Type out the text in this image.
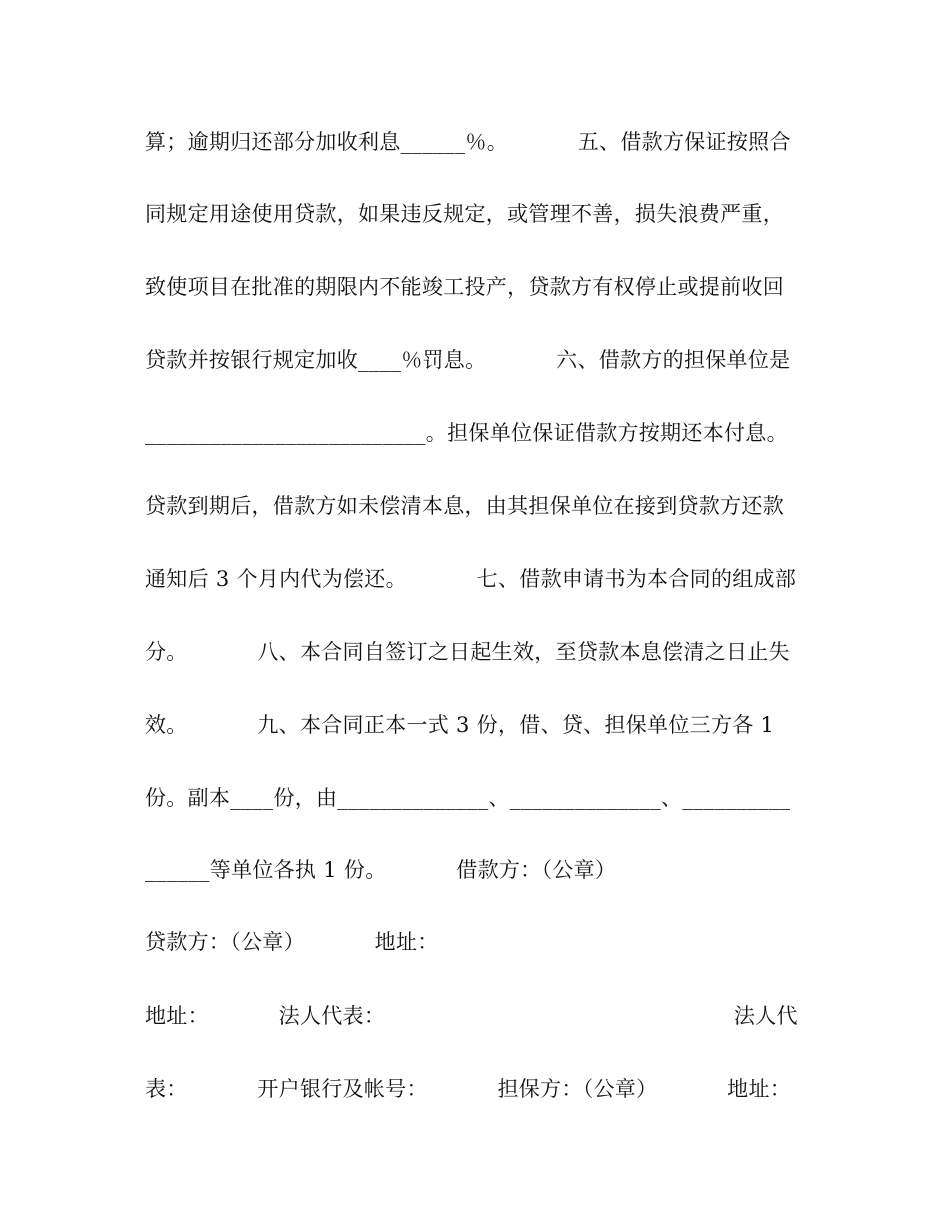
算；逾期归还部分加收利息______％。          五、借款方保证按照合
同规定用途使用贷款，如果违反规定，或管理不善，损失浪费严重，
致使项目在批准的期限内不能竣工投产，贷款方有权停止或提前收回
贷款并按银行规定加收____％罚息。          六、借款方的担保单位是
__________________________。担保单位保证借款方按期还本付息。
贷款到期后，借款方如未偿清本息，由其担保单位在接到贷款方还款
通知后 3 个月内代为偿还。          七、借款申请书为本合同的组成部
分。          八、本合同自签订之日起生效，至贷款本息偿清之日止失
效。          九、本合同正本一式 3 份，借、贷、担保单位三方各 1
份。副本____份，由______________、______________、__________
______等单位各执 1 份。          借款方：（公章）
贷款方：（公章）          地址：
地址：          法人代表：                                                  法人代
表：          开户银行及帐号：          担保方：（公章）          地址：
